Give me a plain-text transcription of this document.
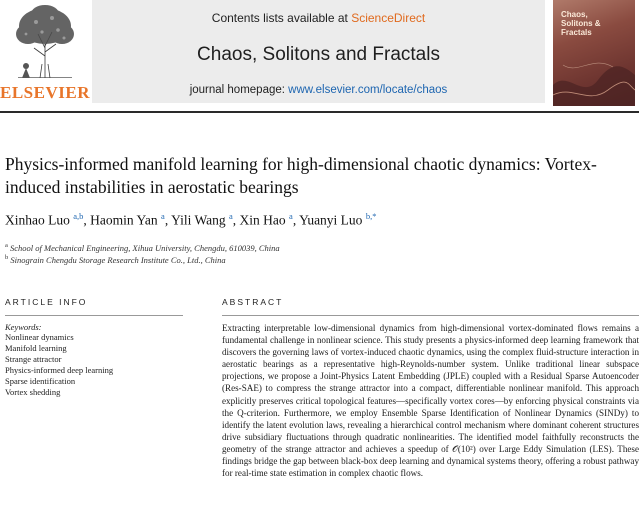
ELSEVIER
Contents lists available at ScienceDirect
Chaos, Solitons and Fractals
journal homepage: www.elsevier.com/locate/chaos
Chaos, Solitons & Fractals
Physics-informed manifold learning for high-dimensional chaotic dynamics: Vortex-induced instabilities in aerostatic bearings
Xinhao Luo $^{a,b}$, Haomin Yan $^a$, Yili Wang $^a$, Xin Hao $^a$, Yuanyi Luo $^{b,*}$
$^a$ School of Mechanical Engineering, Xihua University, Chengdu, 610039, China
$^b$ Sinograin Chengdu Storage Research Institute Co., Ltd., China
ARTICLE INFO
Keywords:
Nonlinear dynamics
Manifold learning
Strange attractor
Physics-informed deep learning
Sparse identification
Vortex shedding
ABSTRACT
Extracting interpretable low-dimensional dynamics from high-dimensional vortex-dominated flows remains a fundamental challenge in nonlinear science. This study presents a physics-informed deep learning framework that discovers the governing laws of vortex-induced chaotic dynamics, using the complex fluid-structure interaction in aerostatic bearings as a representative high-Reynolds-number system. Unlike traditional linear subspace projections, we propose a Joint-Physics Latent Embedding (JPLE) coupled with a Residual Sparse Autoencoder (Res-SAE) to compress the strange attractor into a compact, differentiable nonlinear manifold. This approach explicitly preserves critical topological features—specifically vortex cores—by enforcing physical constraints via the Q-criterion. Furthermore, we employ Ensemble Sparse Identification of Nonlinear Dynamics (SINDy) to identify the latent evolution laws, revealing a hierarchical control mechanism where dominant coherent structures drive subsidiary fluctuations through quadratic nonlinearities. The identified model faithfully reconstructs the geometry of the strange attractor and achieves a speedup of 𝒪(10²) over Large Eddy Simulation (LES). These findings bridge the gap between black-box deep learning and dynamical systems theory, offering a robust pathway for real-time state estimation in complex chaotic flows.
